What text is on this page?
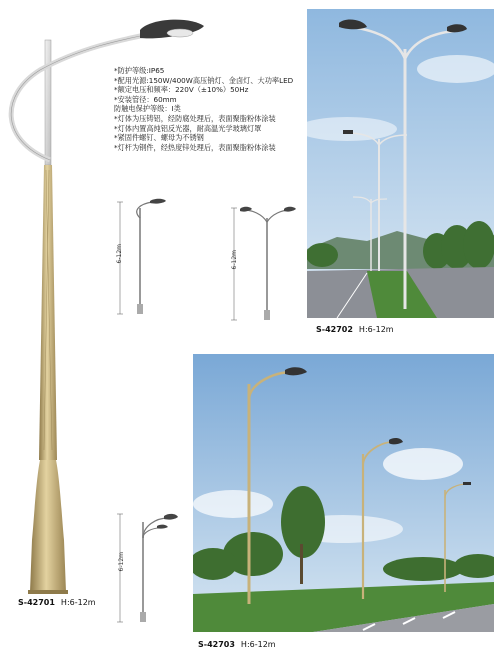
*防护等级:IP65
*配用光源:150W/400W高压钠灯、金卤灯、大功率LED
*额定电压和频率：220V（±10%）50Hz
*安装管径：60mm
防触电保护等级：I类
*灯体为压铸铝，经防腐处理后，表面聚脂粉体涂装
*灯体内置高纯铝反光器，耐高温光学玻璃灯罩
*紧固件螺钉、螺母为不锈钢
*灯杆为钢件，经热度锌处理后，表面聚脂粉体涂装
6-12m	6-12m
S-42702 H:6-12m
S-42703 H:6-12m
6-12m
S-42701 H:6-12m
